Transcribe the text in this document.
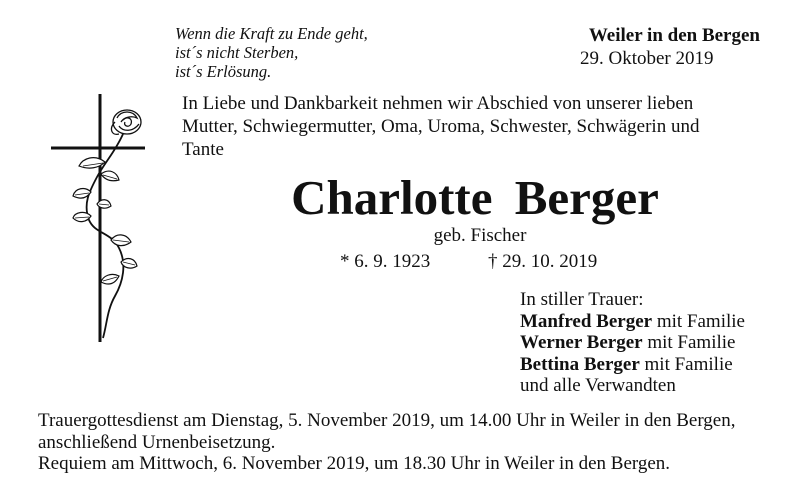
Wenn die Kraft zu Ende geht,
ist´s nicht Sterben,
ist´s Erlösung.
Weiler in den Bergen
29. Oktober 2019
In Liebe und Dankbarkeit nehmen wir Abschied von unserer lieben
Mutter, Schwiegermutter, Oma, Uroma, Schwester, Schwägerin und
Tante
Charlotte Berger
geb. Fischer
* 6. 9. 1923	† 29. 10. 2019
In stiller Trauer:
Manfred Berger mit Familie
Werner Berger mit Familie
Bettina Berger mit Familie
und alle Verwandten
Trauergottesdienst am Dienstag, 5. November 2019, um 14.00 Uhr in Weiler in den Bergen,
anschließend Urnenbeisetzung.
Requiem am Mittwoch, 6. November 2019, um 18.30 Uhr in Weiler in den Bergen.
